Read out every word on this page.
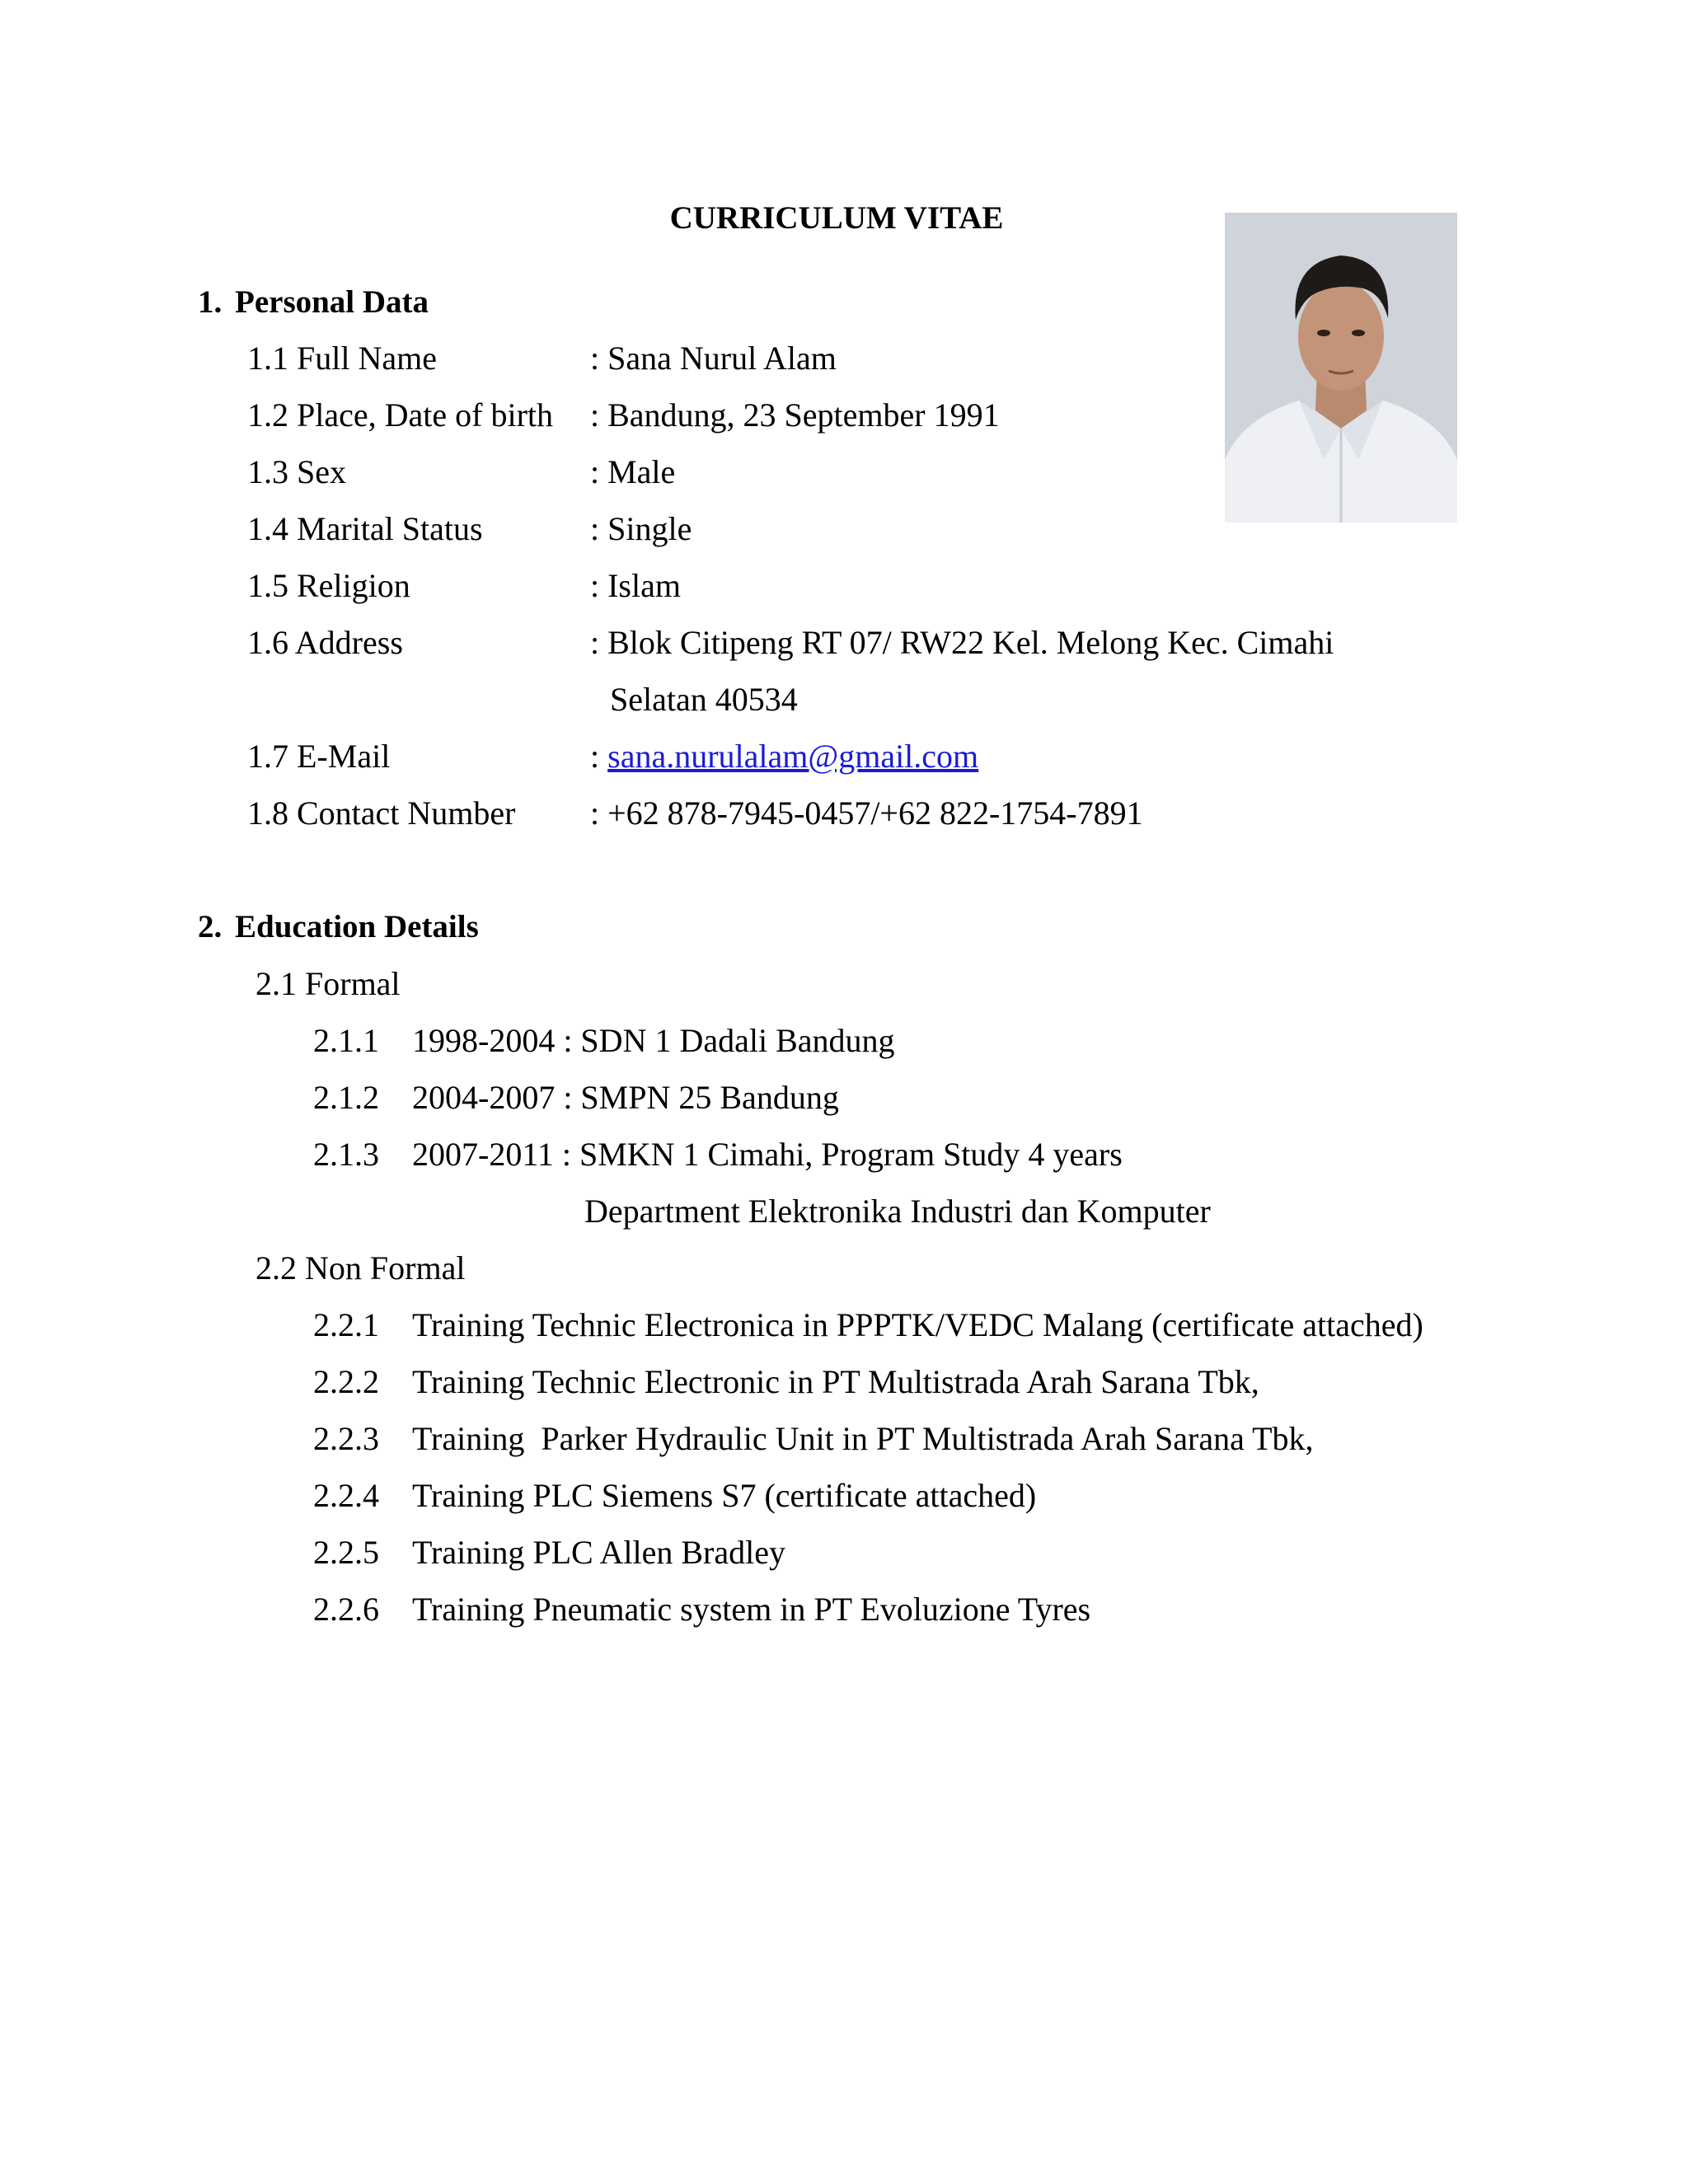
CURRICULUM VITAE
1. Personal Data
1.1 Full Name	: Sana Nurul Alam
1.2 Place, Date of birth : Bandung, 23 September 1991
1.3 Sex	: Male
1.4 Marital Status	: Single
1.5 Religion	: Islam
1.6 Address	: Blok Citipeng RT 07/ RW22 Kel. Melong Kec. Cimahi
Selatan 40534
1.7 E-Mail	: sana.nurulalam@gmail.com
1.8 Contact Number : +62 878-7945-0457/+62 822-1754-7891
2. Education Details
2.1 Formal
2.1.1 1998-2004 : SDN 1 Dadali Bandung
2.1.2 2004-2007 : SMPN 25 Bandung
2.1.3 2007-2011 : SMKN 1 Cimahi, Program Study 4 years
Department Elektronika Industri dan Komputer
2.2 Non Formal
2.2.1 Training Technic Electronica in PPPTK/VEDC Malang (certificate attached)
2.2.2 Training Technic Electronic in PT Multistrada Arah Sarana Tbk,
2.2.3 Training  Parker Hydraulic Unit in PT Multistrada Arah Sarana Tbk,
2.2.4 Training PLC Siemens S7 (certificate attached)
2.2.5 Training PLC Allen Bradley
2.2.6 Training Pneumatic system in PT Evoluzione Tyres
